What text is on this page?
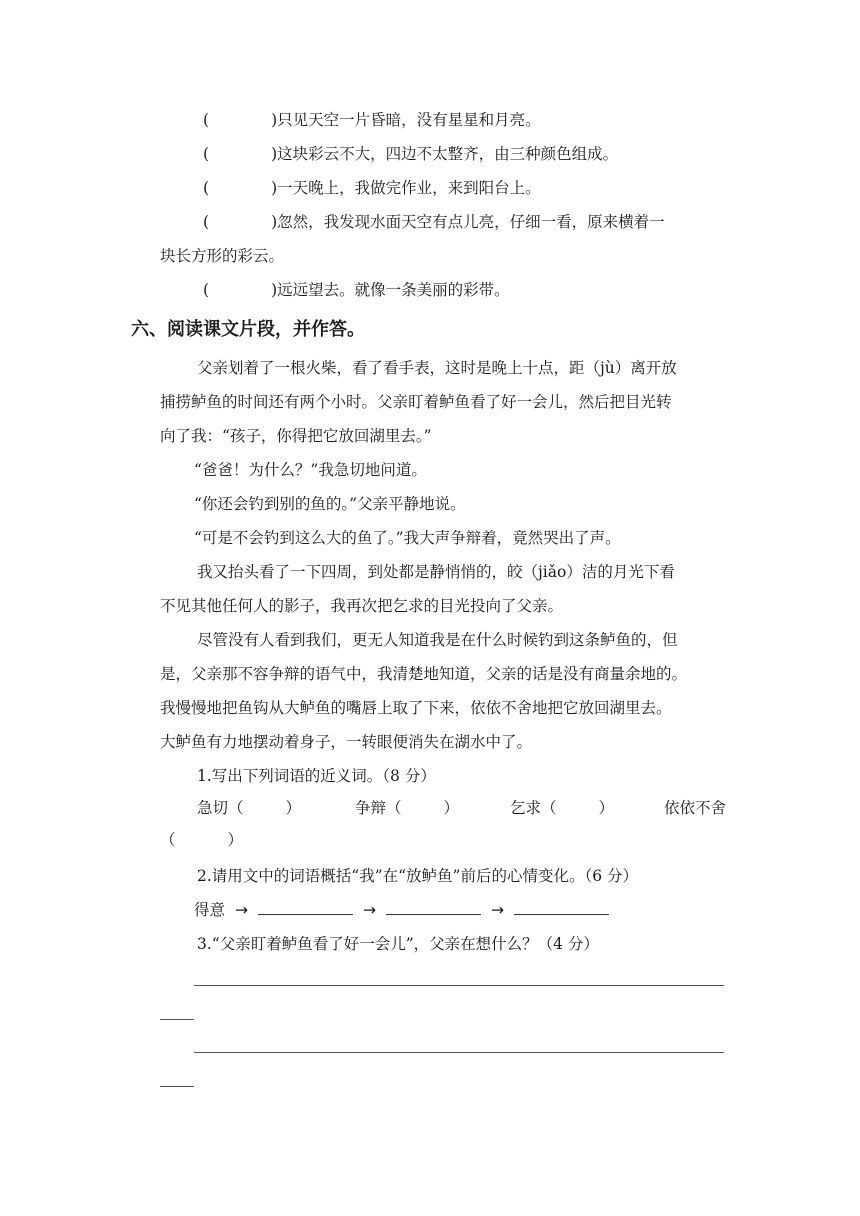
(	)只见天空一片昏暗，没有星星和月亮。
(	)这块彩云不大，四边不太整齐，由三种颜色组成。
(	)一天晚上，我做完作业，来到阳台上。
(	)忽然，我发现水面天空有点儿亮，仔细一看，原来横着一
块长方形的彩云。
(	)远远望去。就像一条美丽的彩带。
六、阅读课文片段，并作答。
父亲划着了一根火柴，看了看手表，这时是晚上十点，距（jù）离开放
捕捞鲈鱼的时间还有两个小时。父亲盯着鲈鱼看了好一会儿，然后把目光转
向了我：“孩子，你得把它放回湖里去。”
“爸爸！为什么？”我急切地问道。
“你还会钓到别的鱼的。”父亲平静地说。
“可是不会钓到这么大的鱼了。”我大声争辩着，竟然哭出了声。
我又抬头看了一下四周，到处都是静悄悄的，皎（jiǎo）洁的月光下看
不见其他任何人的影子，我再次把乞求的目光投向了父亲。
尽管没有人看到我们，更无人知道我是在什么时候钓到这条鲈鱼的，但
是，父亲那不容争辩的语气中，我清楚地知道，父亲的话是没有商量余地的。
我慢慢地把鱼钩从大鲈鱼的嘴唇上取了下来，依依不舍地把它放回湖里去。
大鲈鱼有力地摆动着身子，一转眼便消失在湖水中了。
1.写出下列词语的近义词。（8 分）
急切（	）	争辩（	）	乞求（	）	依依不舍
（	）
2.请用文中的词语概括“我”在“放鲈鱼”前后的心情变化。（6 分）
得意 →	→	→
3.“父亲盯着鲈鱼看了好一会儿”，父亲在想什么？（4 分）
